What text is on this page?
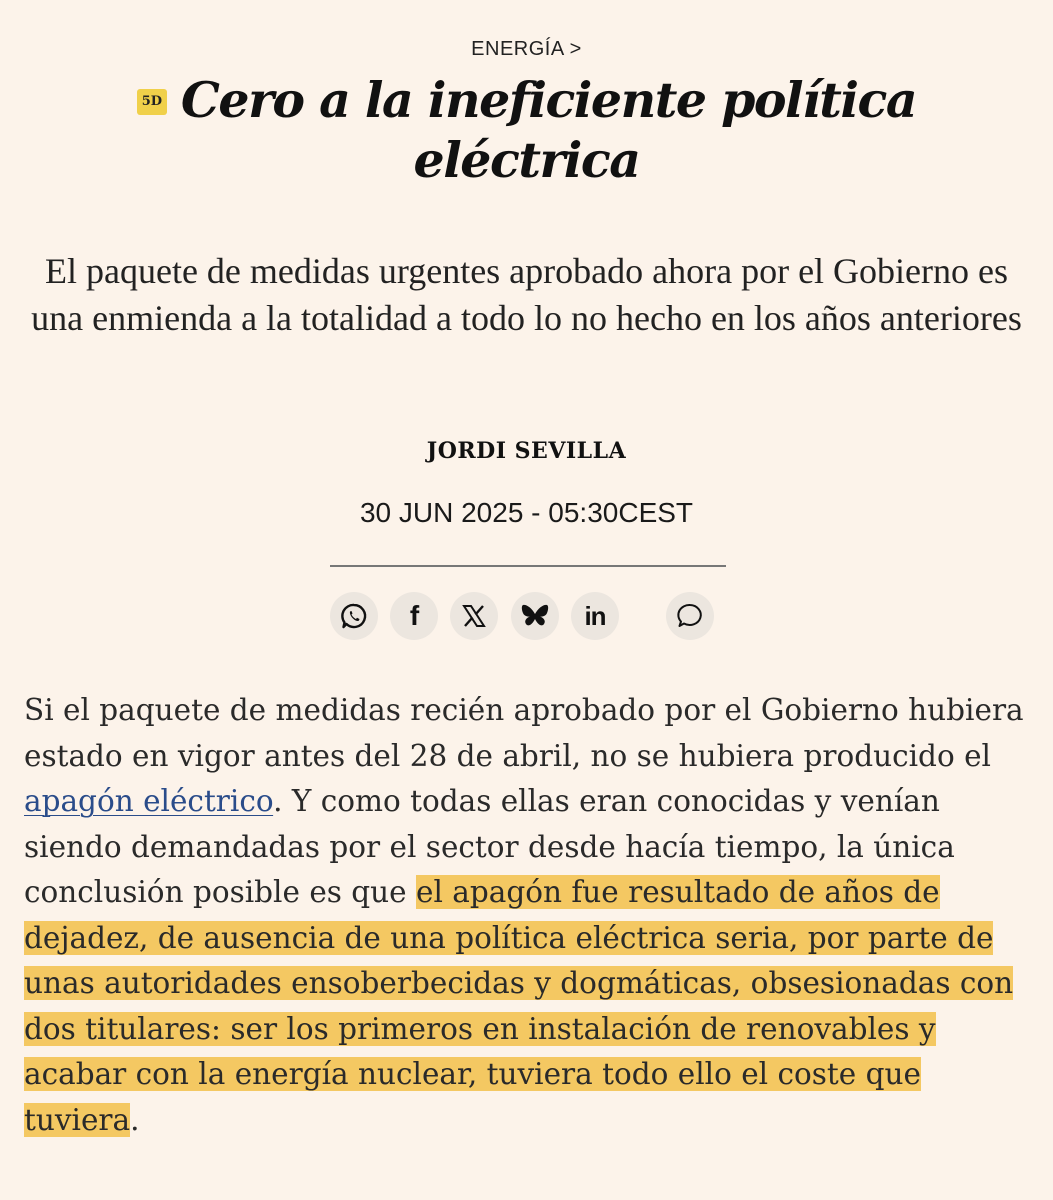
ENERGÍA >
5D Cero a la ineficiente política eléctrica

El paquete de medidas urgentes aprobado ahora por el Gobierno es una enmienda a la totalidad a todo lo no hecho en los años anteriores

JORDI SEVILLA
30 JUN 2025 - 05:30CEST
f	in

Si el paquete de medidas recién aprobado por el Gobierno hubiera estado en vigor antes del 28 de abril, no se hubiera producido el apagón eléctrico. Y como todas ellas eran conocidas y venían siendo demandadas por el sector desde hacía tiempo, la única conclusión posible es que el apagón fue resultado de años de dejadez, de ausencia de una política eléctrica seria, por parte de unas autoridades ensoberbecidas y dogmáticas, obsesionadas con dos titulares: ser los primeros en instalación de renovables y acabar con la energía nuclear, tuviera todo ello el coste que tuviera.
